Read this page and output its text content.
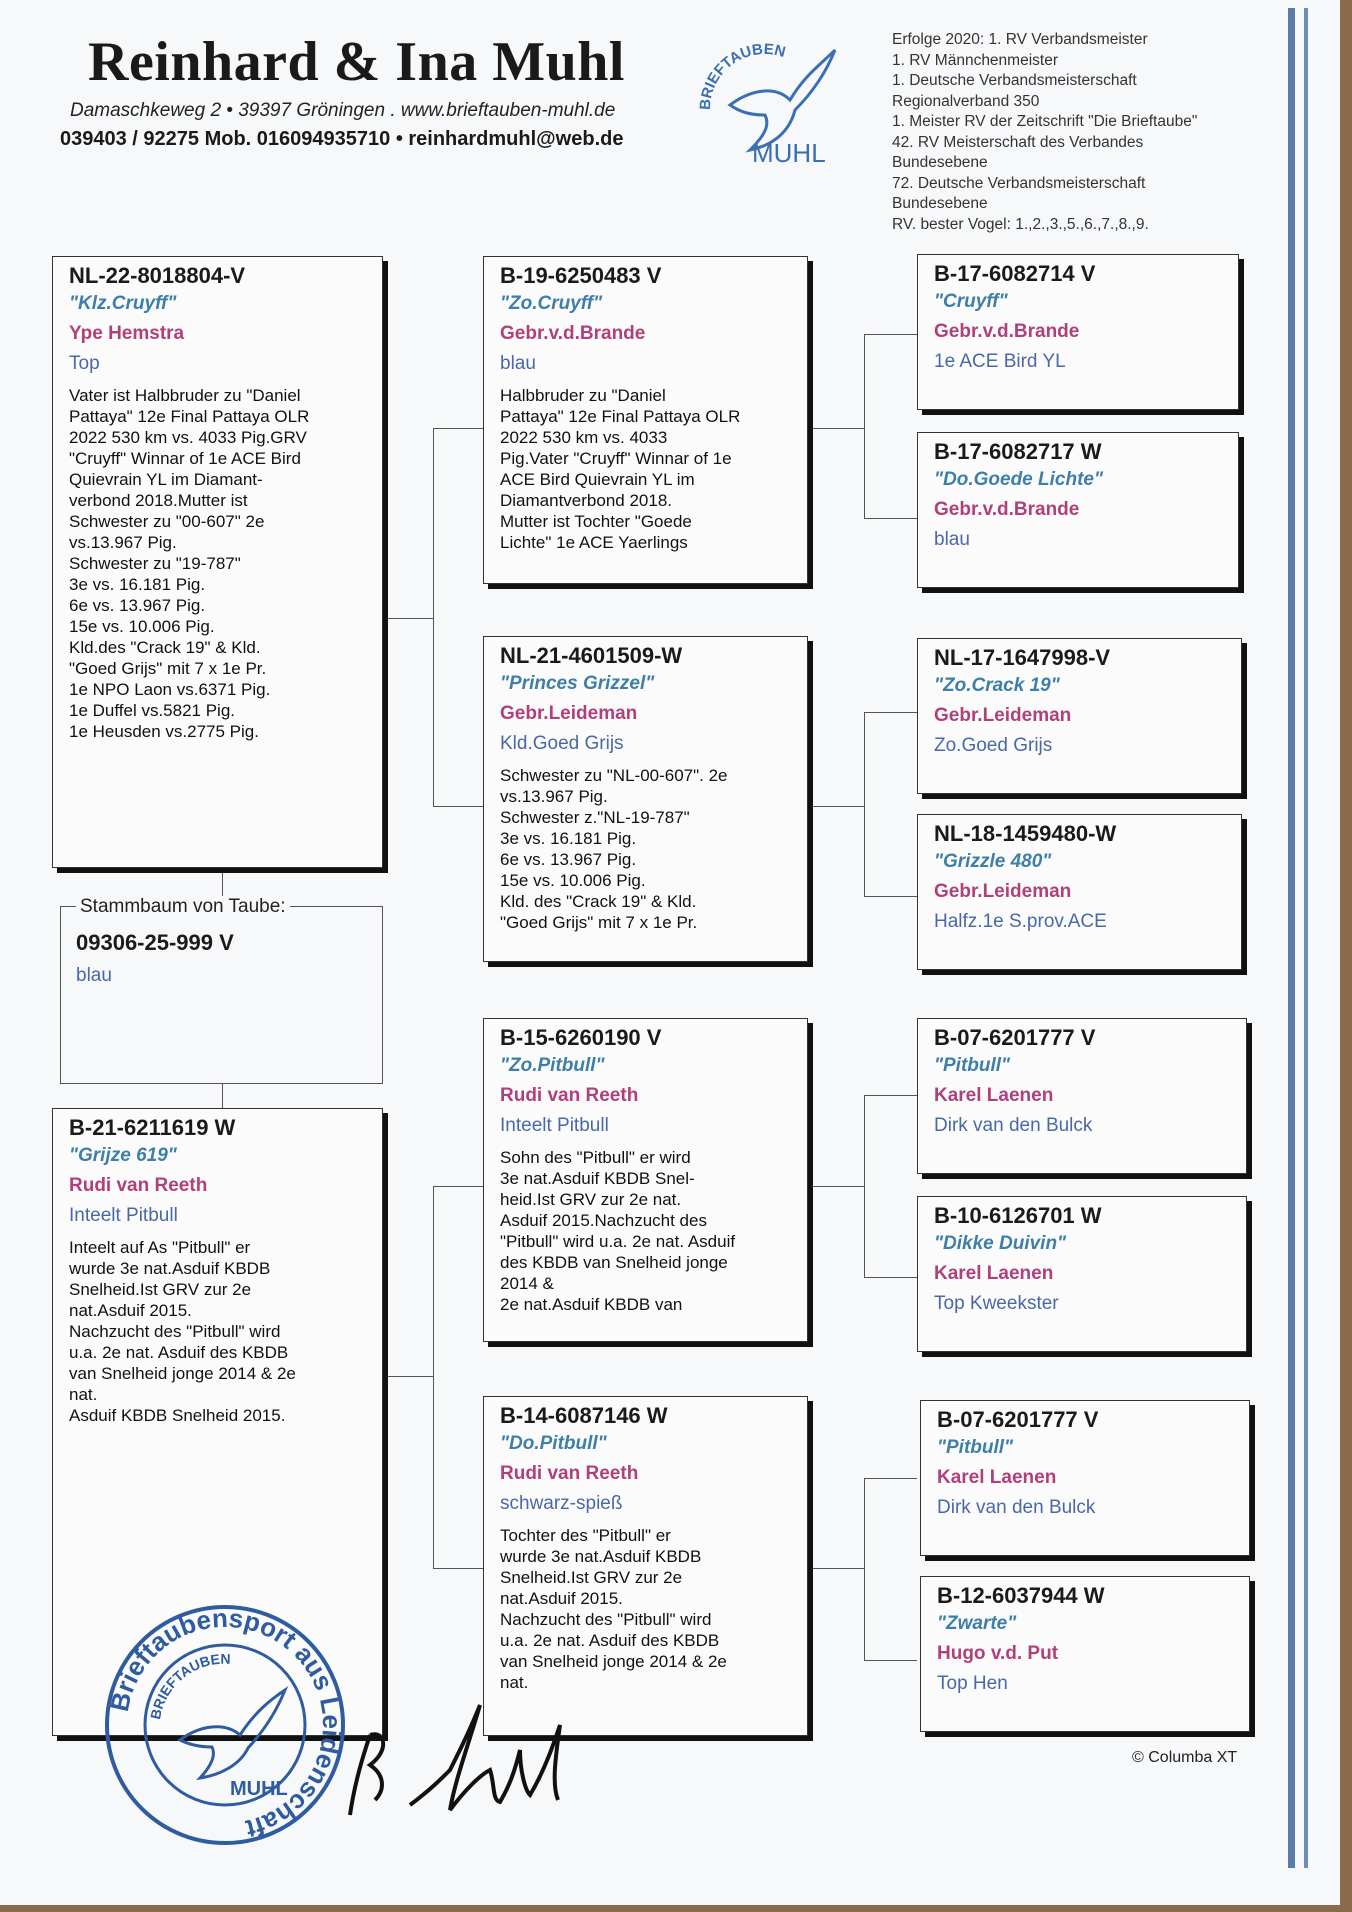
Reinhard & Ina Muhl
Damaschkeweg 2 • 39397 Gröningen . www.brieftauben-muhl.de
039403 / 92275 Mob. 016094935710 • reinhardmuhl@web.de
BRIEFTAUBEN
MUHL
Erfolge 2020: 1. RV Verbandsmeister
1. RV Männchenmeister
1. Deutsche Verbandsmeisterschaft
Regionalverband 350
1. Meister RV der Zeitschrift "Die Brieftaube"
42. RV Meisterschaft des Verbandes
Bundesebene
72. Deutsche Verbandsmeisterschaft
Bundesebene
RV. bester Vogel: 1.,2.,3.,5.,6.,7.,8.,9.
Stammbaum von Taube:
09306-25-999 V
blau
NL-22-8018804-V
"Klz.Cruyff"
Ype Hemstra
Top
Vater ist Halbbruder zu "Daniel
Pattaya" 12e Final Pattaya OLR
2022 530 km vs. 4033 Pig.GRV
"Cruyff" Winnar of 1e ACE Bird
Quievrain YL im Diamant-
verbond 2018.Mutter ist
Schwester zu "00-607" 2e
vs.13.967 Pig.
Schwester zu "19-787"
3e vs. 16.181 Pig.
6e vs. 13.967 Pig.
15e vs. 10.006 Pig.
Kld.des "Crack 19" & Kld.
"Goed Grijs" mit 7 x 1e Pr.
1e NPO Laon vs.6371 Pig.
1e Duffel vs.5821 Pig.
1e Heusden vs.2775 Pig.
B-21-6211619 W
"Grijze 619"
Rudi van Reeth
Inteelt Pitbull
Inteelt auf As "Pitbull" er
wurde 3e nat.Asduif KBDB
Snelheid.Ist GRV zur 2e
nat.Asduif 2015.
Nachzucht des "Pitbull" wird
u.a. 2e nat. Asduif des KBDB
van Snelheid jonge 2014 & 2e
nat.
Asduif KBDB Snelheid 2015.
B-19-6250483 V
"Zo.Cruyff"
Gebr.v.d.Brande
blau
Halbbruder zu "Daniel
Pattaya" 12e Final Pattaya OLR
2022 530 km vs. 4033
Pig.Vater "Cruyff" Winnar of 1e
ACE Bird Quievrain YL im
Diamantverbond 2018.
Mutter ist Tochter "Goede
Lichte" 1e ACE Yaerlings
NL-21-4601509-W
"Princes Grizzel"
Gebr.Leideman
Kld.Goed Grijs
Schwester zu "NL-00-607". 2e
vs.13.967 Pig.
Schwester z."NL-19-787"
3e vs. 16.181 Pig.
6e vs. 13.967 Pig.
15e vs. 10.006 Pig.
Kld. des "Crack 19" & Kld.
"Goed Grijs" mit 7 x 1e Pr.
B-15-6260190 V
"Zo.Pitbull"
Rudi van Reeth
Inteelt Pitbull
Sohn des "Pitbull" er wird
3e nat.Asduif KBDB Snel-
heid.Ist GRV zur 2e nat.
Asduif 2015.Nachzucht des
"Pitbull" wird u.a. 2e nat. Asduif
des KBDB van Snelheid jonge
2014 &
2e nat.Asduif KBDB van
B-14-6087146 W
"Do.Pitbull"
Rudi van Reeth
schwarz-spieß
Tochter des "Pitbull" er
wurde 3e nat.Asduif KBDB
Snelheid.Ist GRV zur 2e
nat.Asduif 2015.
Nachzucht des "Pitbull" wird
u.a. 2e nat. Asduif des KBDB
van Snelheid jonge 2014 & 2e
nat.
B-17-6082714 V
"Cruyff"
Gebr.v.d.Brande
1e ACE Bird YL
B-17-6082717 W
"Do.Goede Lichte"
Gebr.v.d.Brande
blau
NL-17-1647998-V
"Zo.Crack 19"
Gebr.Leideman
Zo.Goed Grijs
NL-18-1459480-W
"Grizzle 480"
Gebr.Leideman
Halfz.1e S.prov.ACE
B-07-6201777 V
"Pitbull"
Karel Laenen
Dirk van den Bulck
B-10-6126701 W
"Dikke Duivin"
Karel Laenen
Top Kweekster
B-07-6201777 V
"Pitbull"
Karel Laenen
Dirk van den Bulck
B-12-6037944 W
"Zwarte"
Hugo v.d. Put
Top Hen
Brieftaubensport aus Leidenschaft
BRIEFTAUBEN
MUHL
© Columba XT
